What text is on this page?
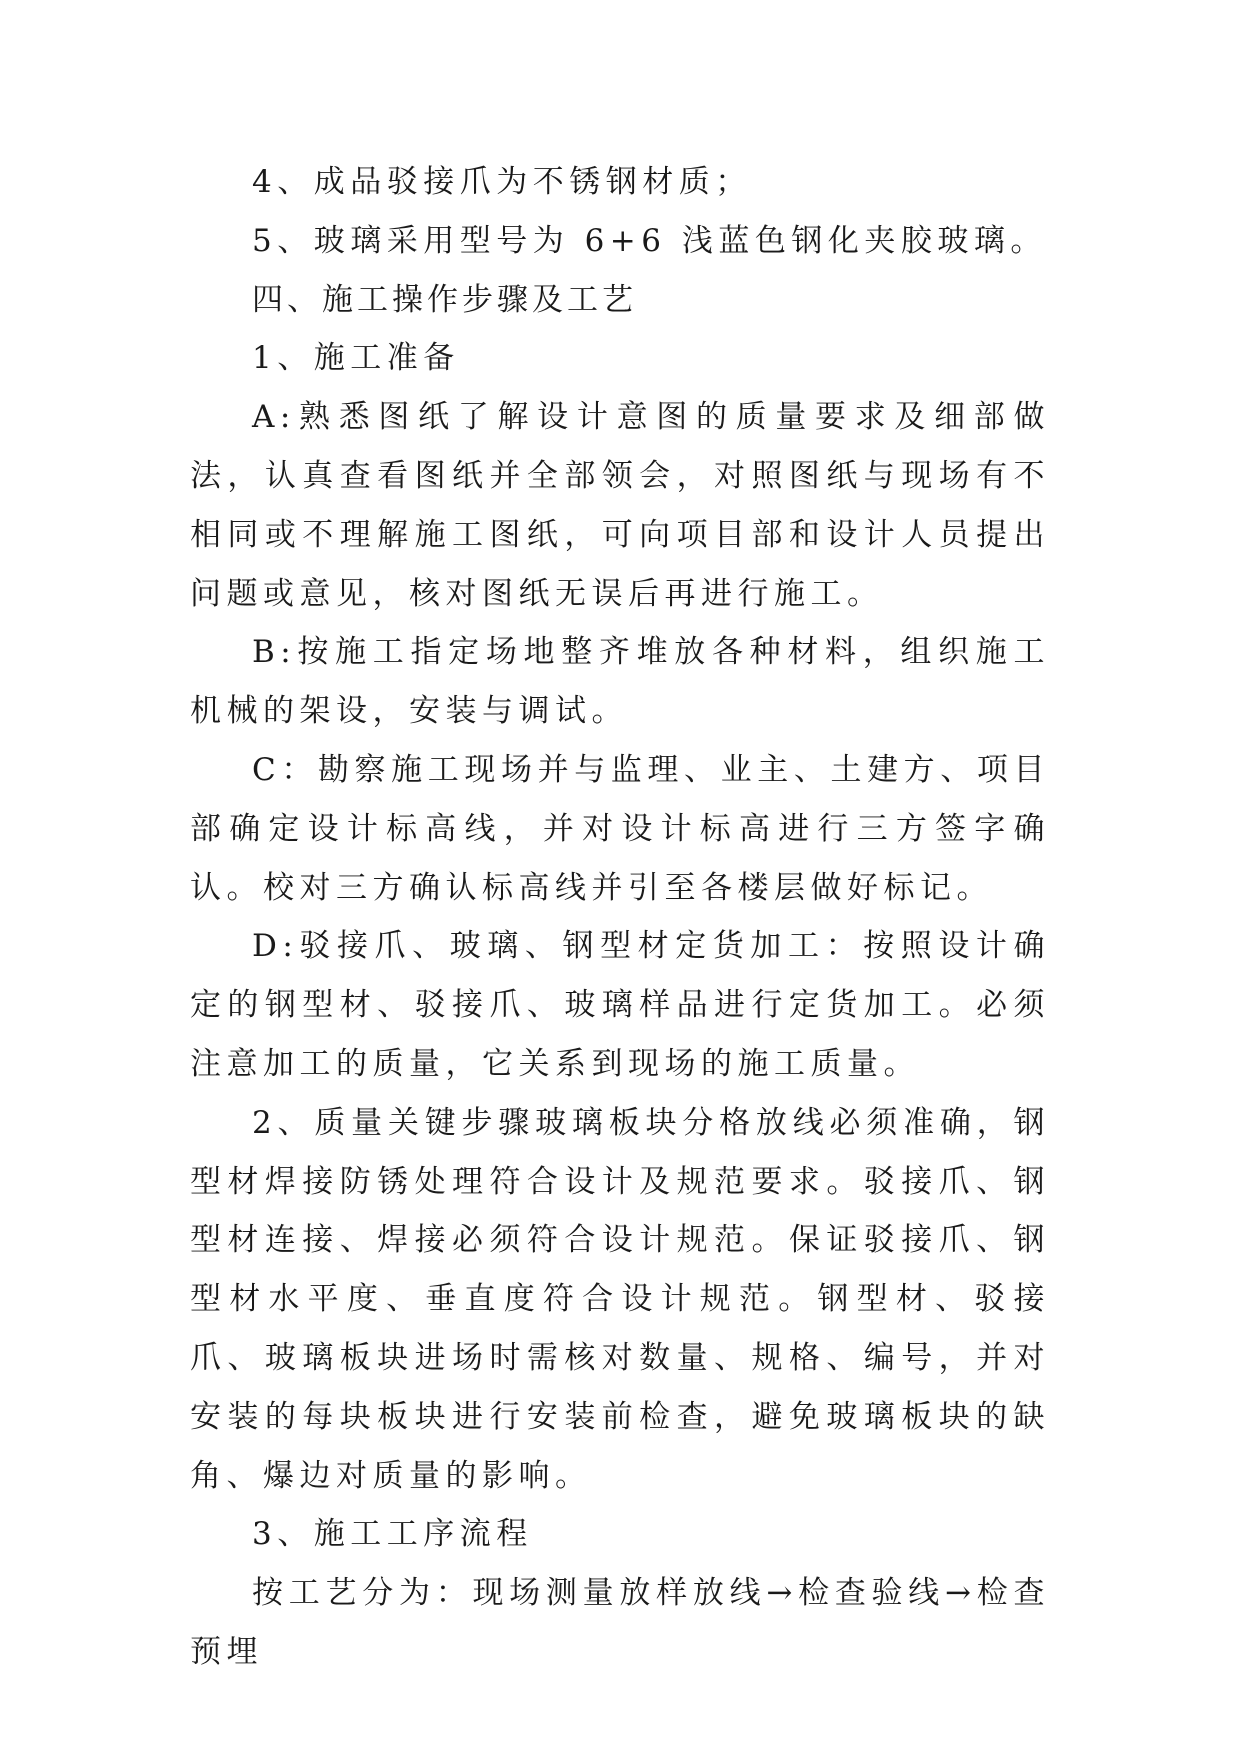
4、成品驳接爪为不锈钢材质；

5、玻璃采用型号为 6+6 浅蓝色钢化夹胶玻璃。

四、施工操作步骤及工艺

1、施工准备

A:熟悉图纸了解设计意图的质量要求及细部做法，认真查看图纸并全部领会，对照图纸与现场有不相同或不理解施工图纸，可向项目部和设计人员提出问题或意见，核对图纸无误后再进行施工。

B:按施工指定场地整齐堆放各种材料，组织施工机械的架设，安装与调试。

C：勘察施工现场并与监理、业主、土建方、项目部确定设计标高线，并对设计标高进行三方签字确认。校对三方确认标高线并引至各楼层做好标记。

D:驳接爪、玻璃、钢型材定货加工：按照设计确定的钢型材、驳接爪、玻璃样品进行定货加工。必须注意加工的质量，它关系到现场的施工质量。

2、质量关键步骤玻璃板块分格放线必须准确，钢型材焊接防锈处理符合设计及规范要求。驳接爪、钢型材连接、焊接必须符合设计规范。保证驳接爪、钢型材水平度、垂直度符合设计规范。钢型材、驳接爪、玻璃板块进场时需核对数量、规格、编号，并对安装的每块板块进行安装前检查，避免玻璃板块的缺角、爆边对质量的影响。

3、施工工序流程

按工艺分为：现场测量放样放线→检查验线→检查预埋
